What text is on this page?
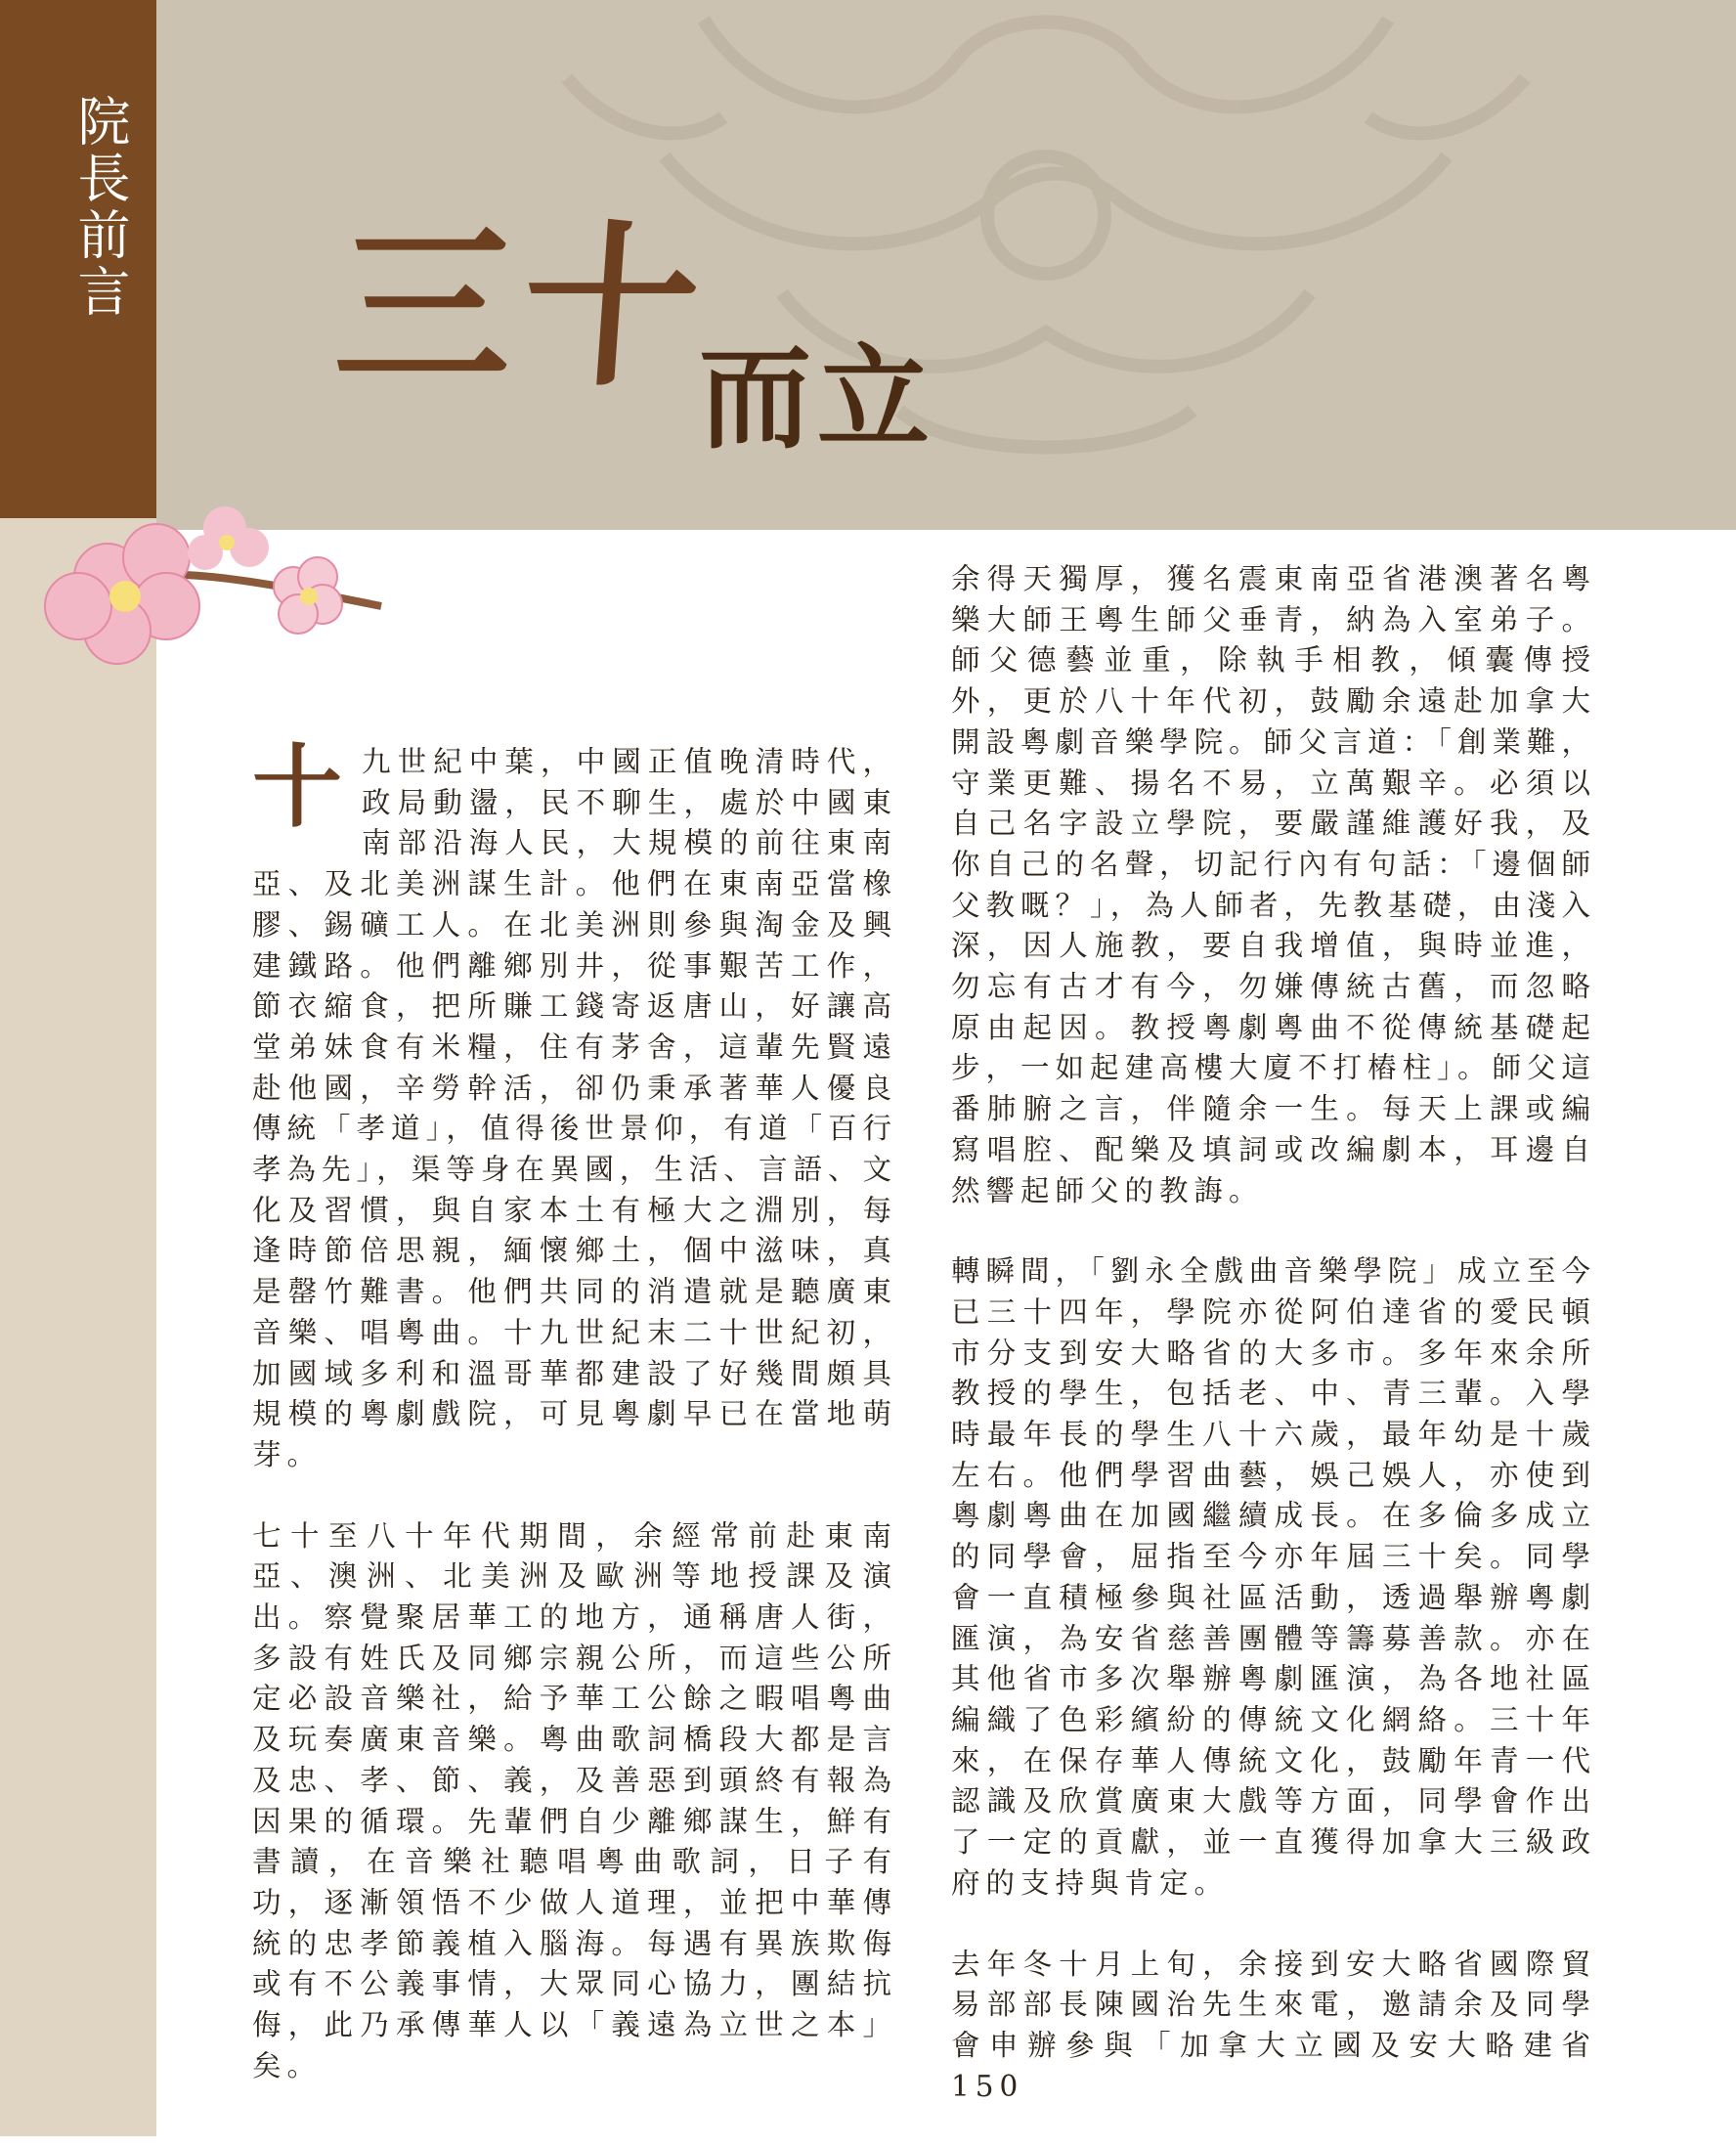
院長前言 三十而立

十九世紀中葉，中國正值晚清時代，政局動盪，民不聊生，處於中國東南部沿海人民，大規模的前往東南亞、及北美洲謀生計。他們在東南亞當橡膠、錫礦工人。在北美洲則參與淘金及興建鐵路。他們離鄉別井，從事艱苦工作，節衣縮食，把所賺工錢寄返唐山，好讓高堂弟妹食有米糧，住有茅舍，這輩先賢遠赴他國，辛勞幹活，卻仍秉承著華人優良傳統「孝道」，值得後世景仰，有道「百行孝為先」，渠等身在異國，生活、言語、文化及習慣，與自家本土有極大之淵別，每逢時節倍思親，緬懷鄉土，個中滋味，真是罄竹難書。他們共同的消遣就是聽廣東音樂、唱粵曲。十九世紀末二十世紀初，加國域多利和溫哥華都建設了好幾間頗具規模的粵劇戲院，可見粵劇早已在當地萌芽。

七十至八十年代期間，余經常前赴東南亞、澳洲、北美洲及歐洲等地授課及演出。察覺聚居華工的地方，通稱唐人街，多設有姓氏及同鄉宗親公所，而這些公所定必設音樂社，給予華工公餘之暇唱粵曲及玩奏廣東音樂。粵曲歌詞橋段大都是言及忠、孝、節、義，及善惡到頭終有報為因果的循環。先輩們自少離鄉謀生，鮮有書讀，在音樂社聽唱粵曲歌詞，日子有功，逐漸領悟不少做人道理，並把中華傳統的忠孝節義植入腦海。每遇有異族欺侮或有不公義事情，大眾同心協力，團結抗侮，此乃承傳華人以「義遠為立世之本」矣。

余得天獨厚，獲名震東南亞省港澳著名粵樂大師王粵生師父垂青，納為入室弟子。師父德藝並重，除執手相教，傾囊傳授外，更於八十年代初，鼓勵余遠赴加拿大開設粵劇音樂學院。師父言道：「創業難，守業更難、揚名不易，立萬艱辛。必須以自己名字設立學院，要嚴謹維護好我，及你自己的名聲，切記行內有句話：「邊個師父教嘅？」，為人師者，先教基礎，由淺入深，因人施教，要自我增值，與時並進，勿忘有古才有今，勿嫌傳統古舊，而忽略原由起因。教授粵劇粵曲不從傳統基礎起步，一如起建高樓大廈不打樁柱」。師父這番肺腑之言，伴隨余一生。每天上課或編寫唱腔、配樂及填詞或改編劇本，耳邊自然響起師父的教誨。

轉瞬間，「劉永全戲曲音樂學院」成立至今已三十四年，學院亦從阿伯達省的愛民頓市分支到安大略省的大多市。多年來余所教授的學生，包括老、中、青三輩。入學時最年長的學生八十六歲，最年幼是十歲左右。他們學習曲藝，娛己娛人，亦使到粵劇粵曲在加國繼續成長。在多倫多成立的同學會，屈指至今亦年屆三十矣。同學會一直積極參與社區活動，透過舉辦粵劇匯演，為安省慈善團體等籌募善款。亦在其他省市多次舉辦粵劇匯演，為各地社區編織了色彩繽紛的傳統文化網絡。三十年來，在保存華人傳統文化，鼓勵年青一代認識及欣賞廣東大戲等方面，同學會作出了一定的貢獻，並一直獲得加拿大三級政府的支持與肯定。

去年冬十月上旬，余接到安大略省國際貿易部部長陳國治先生來電，邀請余及同學會申辦參與「加拿大立國及安大略建省150
